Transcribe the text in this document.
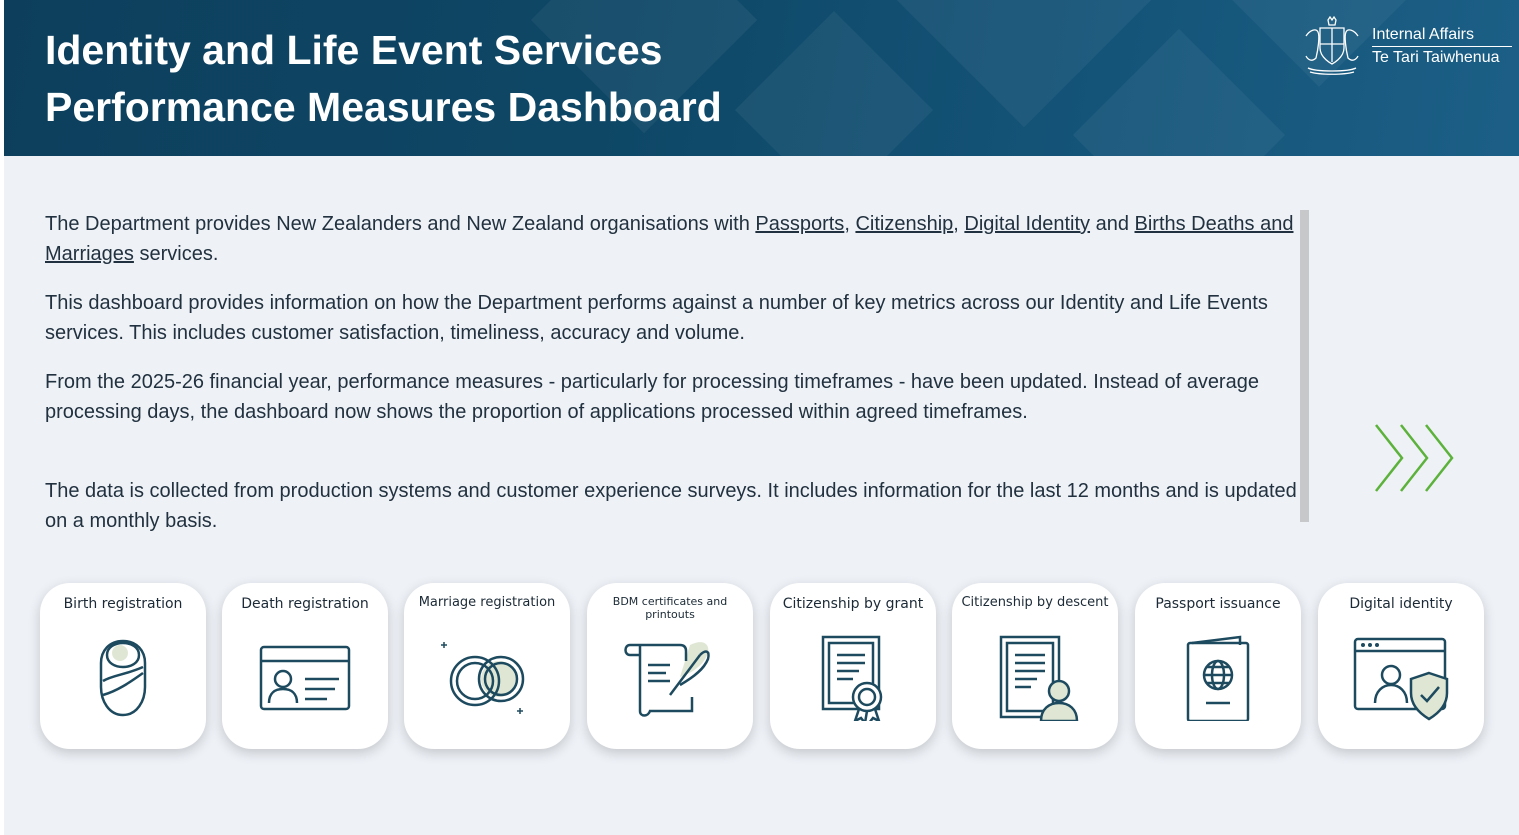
Identity and Life Event Services
Performance Measures Dashboard
Internal Affairs
Te Tari Taiwhenua

The Department provides New Zealanders and New Zealand organisations with Passports, Citizenship, Digital Identity and Births Deaths and Marriages services.

This dashboard provides information on how the Department performs against a number of key metrics across our Identity and Life Events services. This includes customer satisfaction, timeliness, accuracy and volume.

From the 2025-26 financial year, performance measures - particularly for processing timeframes - have been updated. Instead of average processing days, the dashboard now shows the proportion of applications processed within agreed timeframes.

The data is collected from production systems and customer experience surveys. It includes information for the last 12 months and is updated on a monthly basis.

Birth registration	Death registration	Marriage registration	BDM certificates and printouts
Citizenship by grant	Citizenship by descent	Passport issuance	Digital identity
